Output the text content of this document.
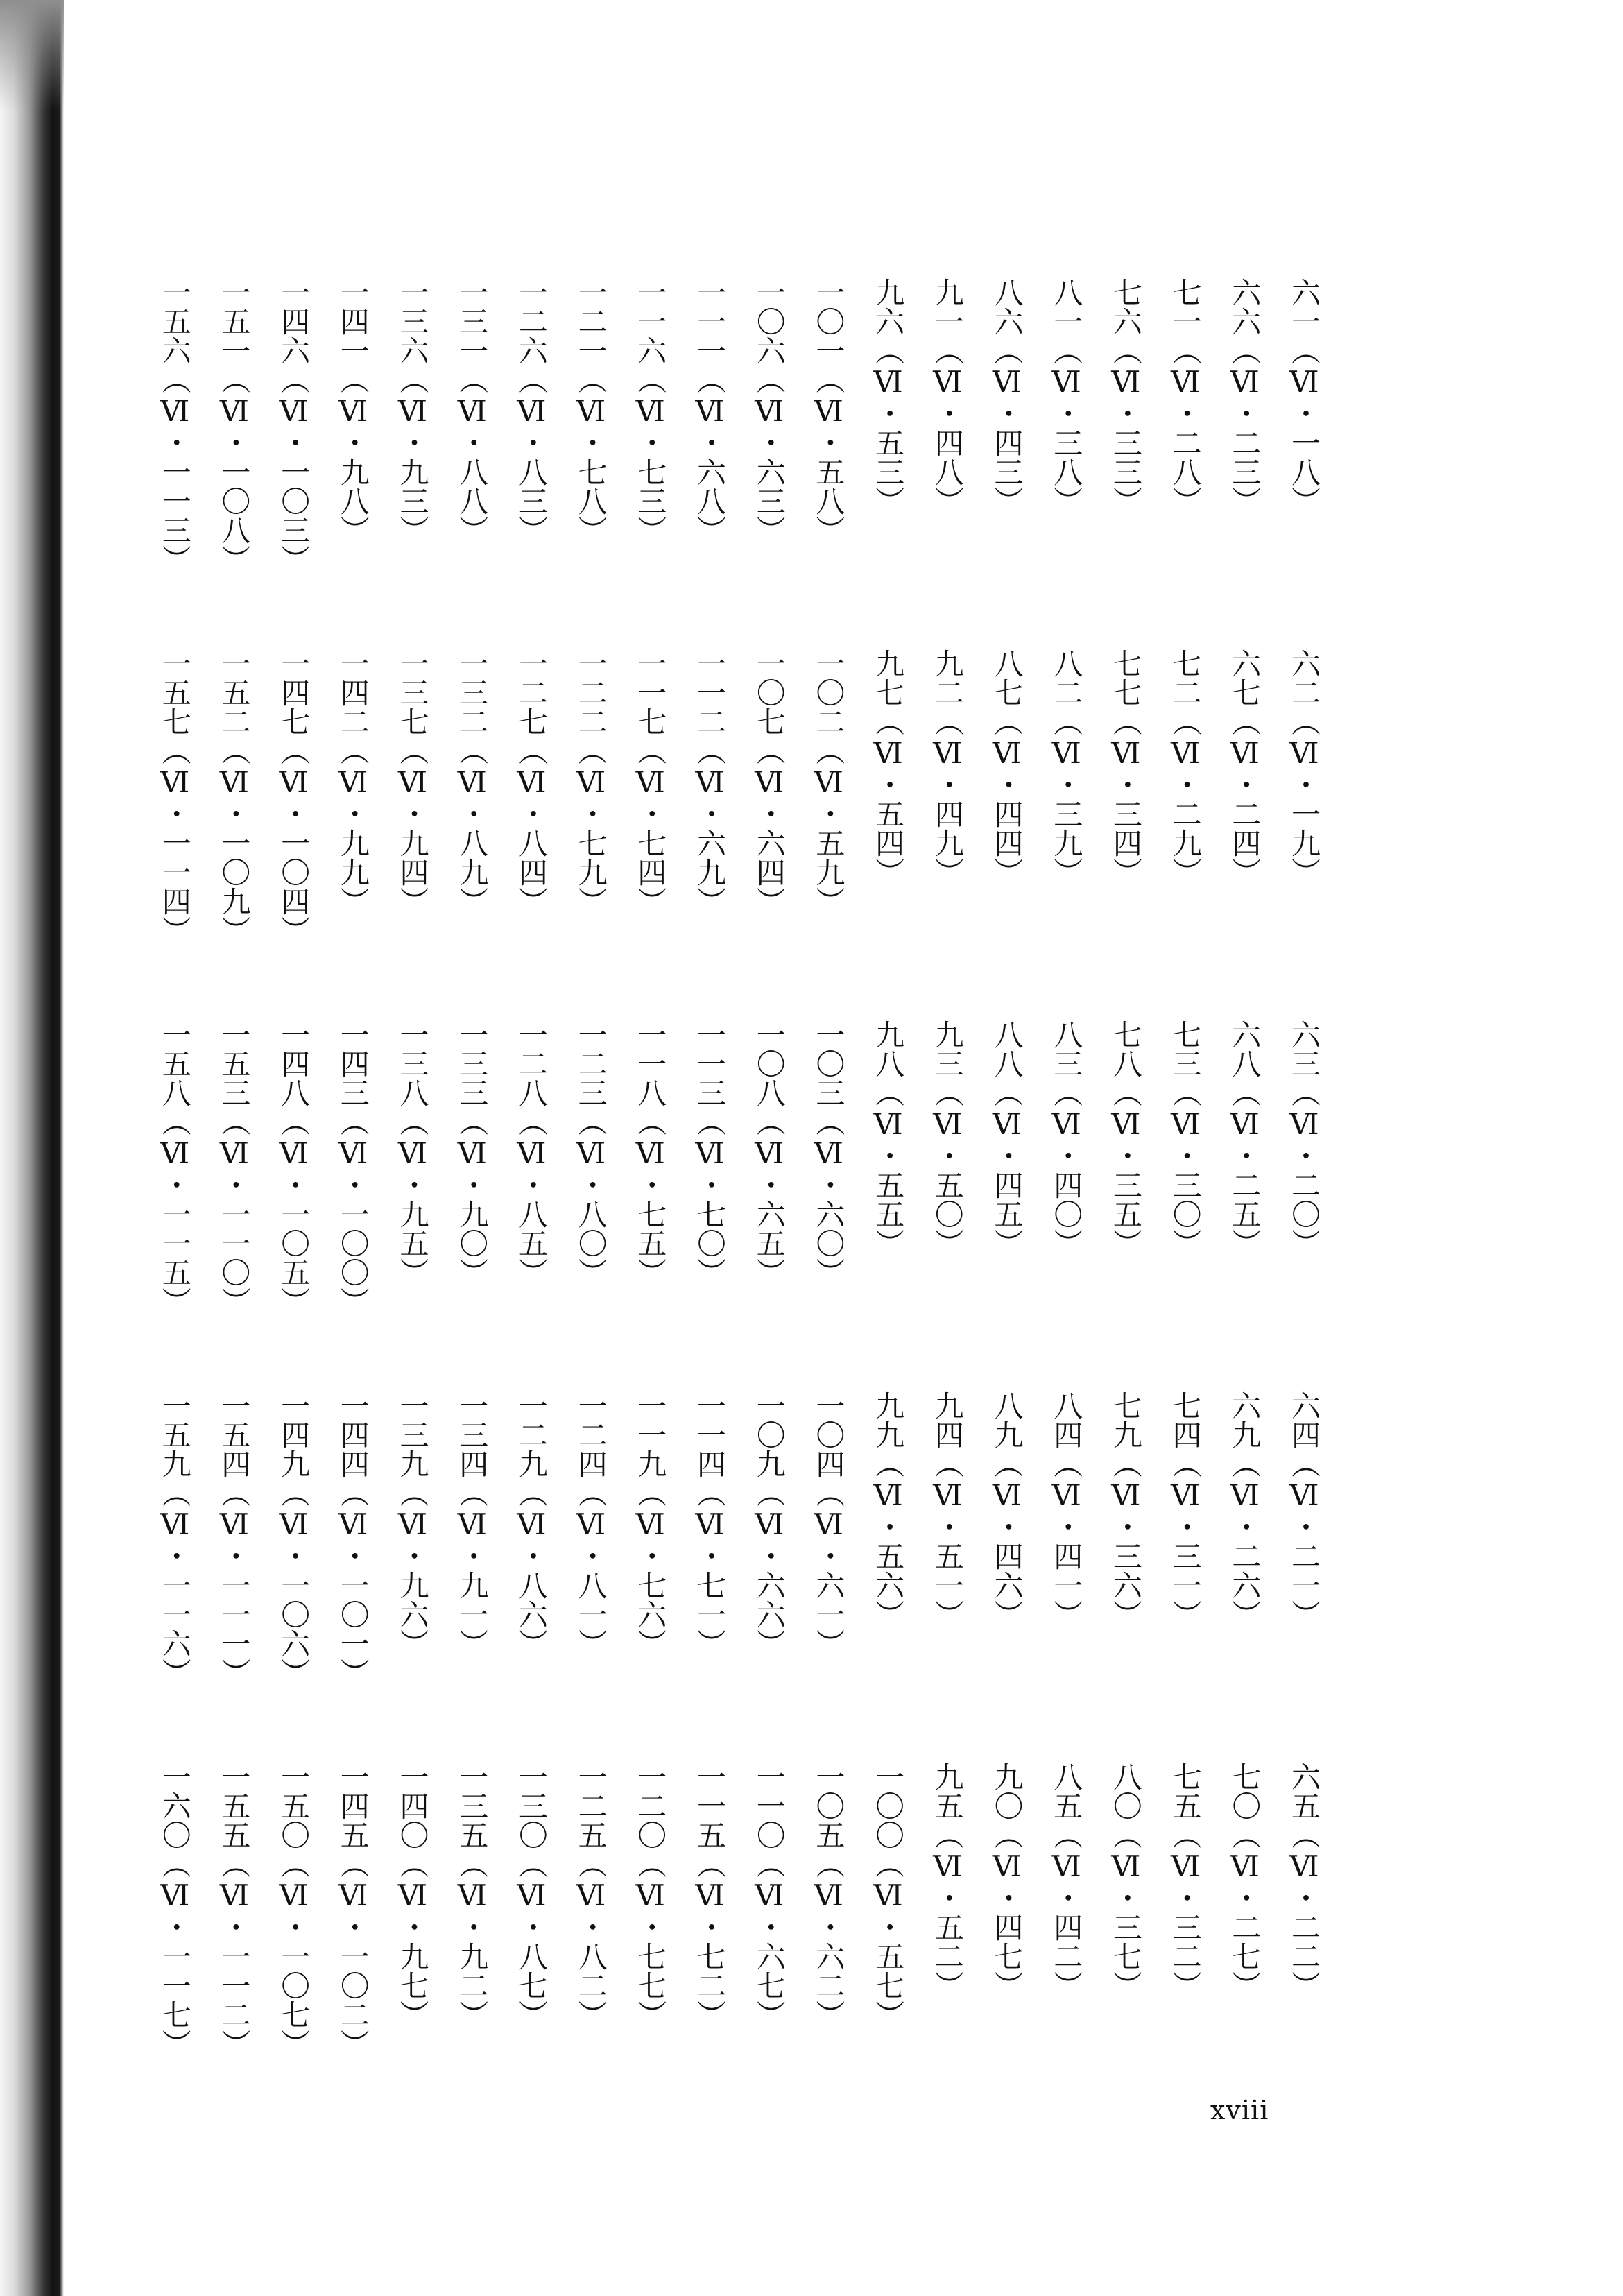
六一（Ⅵ・一八）
六六（Ⅵ・二三）
七一（Ⅵ・二八）
七六（Ⅵ・三三）
八一（Ⅵ・三八）
八六（Ⅵ・四三）
九一（Ⅵ・四八）
九六（Ⅵ・五三）
一〇一（Ⅵ・五八）
一〇六（Ⅵ・六三）
一一一（Ⅵ・六八）
一一六（Ⅵ・七三）
一二一（Ⅵ・七八）
一二六（Ⅵ・八三）
一三一（Ⅵ・八八）
一三六（Ⅵ・九三）
一四一（Ⅵ・九八）
一四六（Ⅵ・一〇三）
一五一（Ⅵ・一〇八）
一五六（Ⅵ・一一三）
六二（Ⅵ・一九）
六七（Ⅵ・二四）
七二（Ⅵ・二九）
七七（Ⅵ・三四）
八二（Ⅵ・三九）
八七（Ⅵ・四四）
九二（Ⅵ・四九）
九七（Ⅵ・五四）
一〇二（Ⅵ・五九）
一〇七（Ⅵ・六四）
一一二（Ⅵ・六九）
一一七（Ⅵ・七四）
一二二（Ⅵ・七九）
一二七（Ⅵ・八四）
一三二（Ⅵ・八九）
一三七（Ⅵ・九四）
一四二（Ⅵ・九九）
一四七（Ⅵ・一〇四）
一五二（Ⅵ・一〇九）
一五七（Ⅵ・一一四）
六三（Ⅵ・二〇）
六八（Ⅵ・二五）
七三（Ⅵ・三〇）
七八（Ⅵ・三五）
八三（Ⅵ・四〇）
八八（Ⅵ・四五）
九三（Ⅵ・五〇）
九八（Ⅵ・五五）
一〇三（Ⅵ・六〇）
一〇八（Ⅵ・六五）
一一三（Ⅵ・七〇）
一一八（Ⅵ・七五）
一二三（Ⅵ・八〇）
一二八（Ⅵ・八五）
一三三（Ⅵ・九〇）
一三八（Ⅵ・九五）
一四三（Ⅵ・一〇〇）
一四八（Ⅵ・一〇五）
一五三（Ⅵ・一一〇）
一五八（Ⅵ・一一五）
六四（Ⅵ・二一）
六九（Ⅵ・二六）
七四（Ⅵ・三一）
七九（Ⅵ・三六）
八四（Ⅵ・四一）
八九（Ⅵ・四六）
九四（Ⅵ・五一）
九九（Ⅵ・五六）
一〇四（Ⅵ・六一）
一〇九（Ⅵ・六六）
一一四（Ⅵ・七一）
一一九（Ⅵ・七六）
一二四（Ⅵ・八一）
一二九（Ⅵ・八六）
一三四（Ⅵ・九一）
一三九（Ⅵ・九六）
一四四（Ⅵ・一〇一）
一四九（Ⅵ・一〇六）
一五四（Ⅵ・一一一）
一五九（Ⅵ・一一六）
六五（Ⅵ・二二）
七〇（Ⅵ・二七）
七五（Ⅵ・三二）
八〇（Ⅵ・三七）
八五（Ⅵ・四二）
九〇（Ⅵ・四七）
九五（Ⅵ・五二）
一〇〇（Ⅵ・五七）
一〇五（Ⅵ・六二）
一一〇（Ⅵ・六七）
一一五（Ⅵ・七二）
一二〇（Ⅵ・七七）
一二五（Ⅵ・八二）
一三〇（Ⅵ・八七）
一三五（Ⅵ・九二）
一四〇（Ⅵ・九七）
一四五（Ⅵ・一〇二）
一五〇（Ⅵ・一〇七）
一五五（Ⅵ・一一二）
一六〇（Ⅵ・一一七）
xviii
